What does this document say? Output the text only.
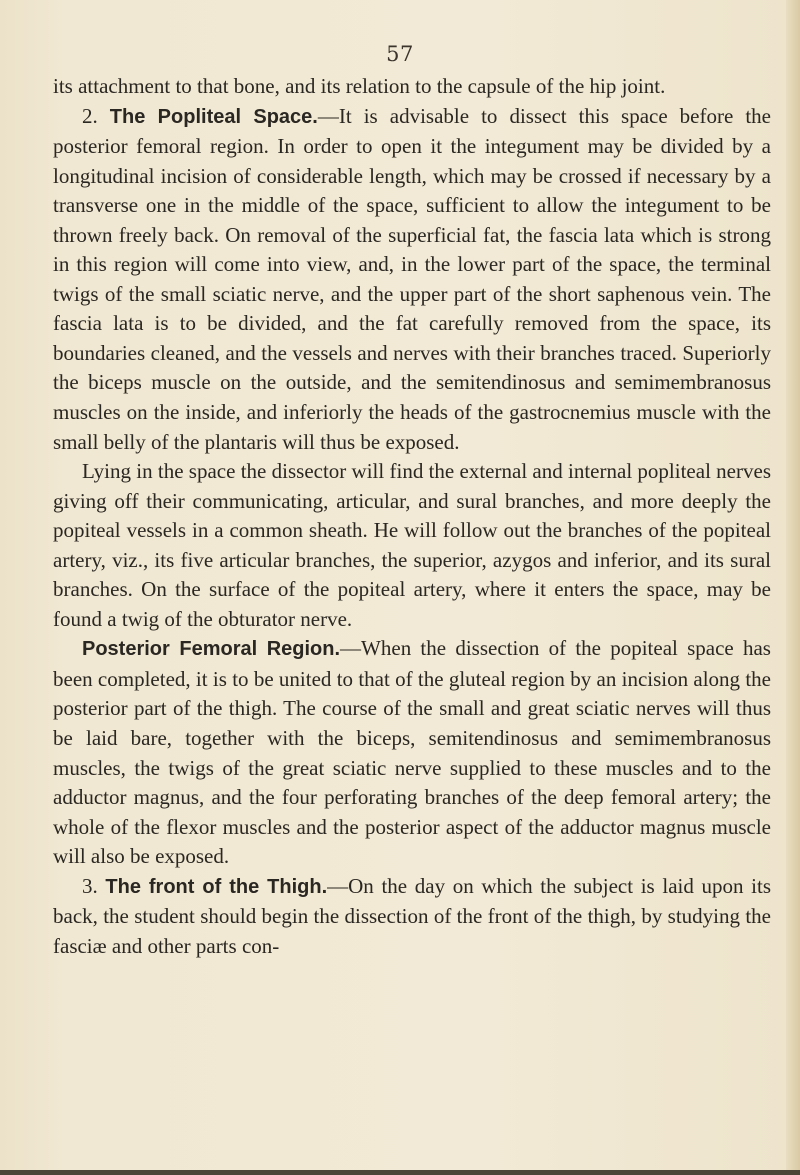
57

its attachment to that bone, and its relation to the capsule of the hip joint.

2. The Popliteal Space.—It is advisable to dissect this space before the posterior femoral region. In order to open it the integument may be divided by a longitudinal incision of considerable length, which may be crossed if necessary by a transverse one in the middle of the space, sufficient to allow the integument to be thrown freely back. On removal of the superficial fat, the fascia lata which is strong in this region will come into view, and, in the lower part of the space, the terminal twigs of the small sciatic nerve, and the upper part of the short saphenous vein. The fascia lata is to be divided, and the fat carefully removed from the space, its boundaries cleaned, and the vessels and nerves with their branches traced. Superiorly the biceps muscle on the outside, and the semitendinosus and semimembranosus muscles on the inside, and inferiorly the heads of the gastrocnemius muscle with the small belly of the plantaris will thus be exposed.

Lying in the space the dissector will find the external and internal popliteal nerves giving off their communicating, articular, and sural branches, and more deeply the popiteal vessels in a common sheath. He will follow out the branches of the popiteal artery, viz., its five articular branches, the superior, azygos and inferior, and its sural branches. On the surface of the popiteal artery, where it enters the space, may be found a twig of the obturator nerve.

Posterior Femoral Region.—When the dissection of the popiteal space has been completed, it is to be united to that of the gluteal region by an incision along the posterior part of the thigh. The course of the small and great sciatic nerves will thus be laid bare, together with the biceps, semitendinosus and semimembranosus muscles, the twigs of the great sciatic nerve supplied to these muscles and to the adductor magnus, and the four perforating branches of the deep femoral artery; the whole of the flexor muscles and the posterior aspect of the adductor magnus muscle will also be exposed.

3. The front of the Thigh.—On the day on which the subject is laid upon its back, the student should begin the dissection of the front of the thigh, by studying the fasciæ and other parts con-
